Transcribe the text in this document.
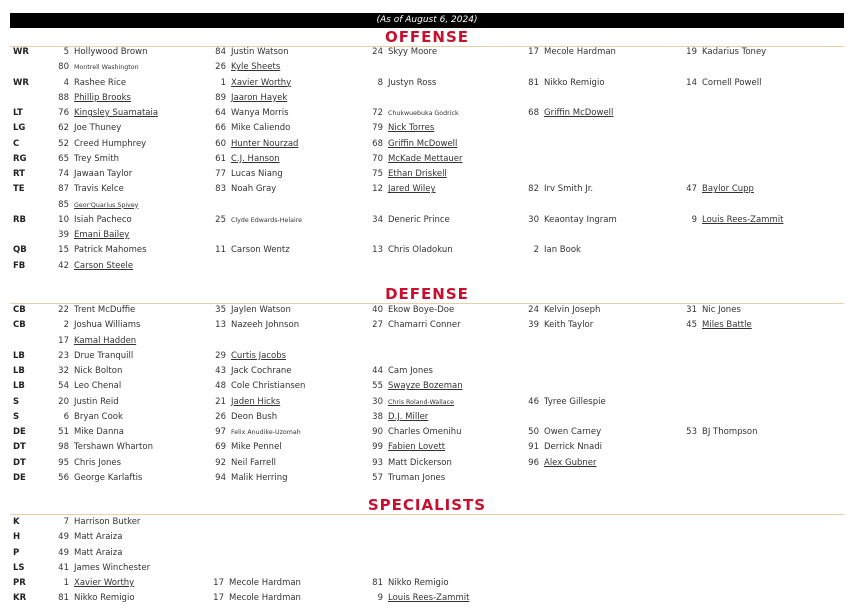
(As of August 6, 2024)
OFFENSE
WR	5 Hollywood Brown	84 Justin Watson	24 Skyy Moore	17 Mecole Hardman	19 Kadarius Toney
80 Montrell Washington	26 Kyle Sheets
WR	4 Rashee Rice	1 Xavier Worthy	8 Justyn Ross	81 Nikko Remigio	14 Cornell Powell
88 Phillip Brooks	89 Jaaron Hayek
LT	76 Kingsley Suamataia	64 Wanya Morris	72 Chukwuebuka Godrick	68 Griffin McDowell
LG	62 Joe Thuney	66 Mike Caliendo	79 Nick Torres
C	52 Creed Humphrey	60 Hunter Nourzad	68 Griffin McDowell
RG	65 Trey Smith	61 C.J. Hanson	70 McKade Mettauer
RT	74 Jawaan Taylor	77 Lucas Niang	75 Ethan Driskell
TE	87 Travis Kelce	83 Noah Gray	12 Jared Wiley	82 Irv Smith Jr.	47 Baylor Cupp
85 Geor'Quarius Spivey
RB	10 Isiah Pacheco	25 Clyde Edwards-Helaire	34 Deneric Prince	30 Keaontay Ingram	9 Louis Rees-Zammit
39 Emani Bailey
QB	15 Patrick Mahomes	11 Carson Wentz	13 Chris Oladokun	2 Ian Book
FB	42 Carson Steele
DEFENSE
CB	22 Trent McDuffie	35 Jaylen Watson	40 Ekow Boye-Doe	24 Kelvin Joseph	31 Nic Jones
CB	2 Joshua Williams	13 Nazeeh Johnson	27 Chamarri Conner	39 Keith Taylor	45 Miles Battle
17 Kamal Hadden
LB	23 Drue Tranquill	29 Curtis Jacobs
LB	32 Nick Bolton	43 Jack Cochrane	44 Cam Jones
LB	54 Leo Chenal	48 Cole Christiansen	55 Swayze Bozeman
S	20 Justin Reid	21 Jaden Hicks	30 Chris Roland-Wallace	46 Tyree Gillespie
S	6 Bryan Cook	26 Deon Bush	38 D.J. Miller
DE	51 Mike Danna	97 Felix Anudike-Uzomah	90 Charles Omenihu	50 Owen Carney	53 BJ Thompson
DT	98 Tershawn Wharton	69 Mike Pennel	99 Fabien Lovett	91 Derrick Nnadi
DT	95 Chris Jones	92 Neil Farrell	93 Matt Dickerson	96 Alex Gubner
DE	56 George Karlaftis	94 Malik Herring	57 Truman Jones
SPECIALISTS
K	7 Harrison Butker
H	49 Matt Araiza
P	49 Matt Araiza
LS	41 James Winchester
PR	1 Xavier Worthy	17 Mecole Hardman	81 Nikko Remigio
KR	81 Nikko Remigio	17 Mecole Hardman	9 Louis Rees-Zammit
